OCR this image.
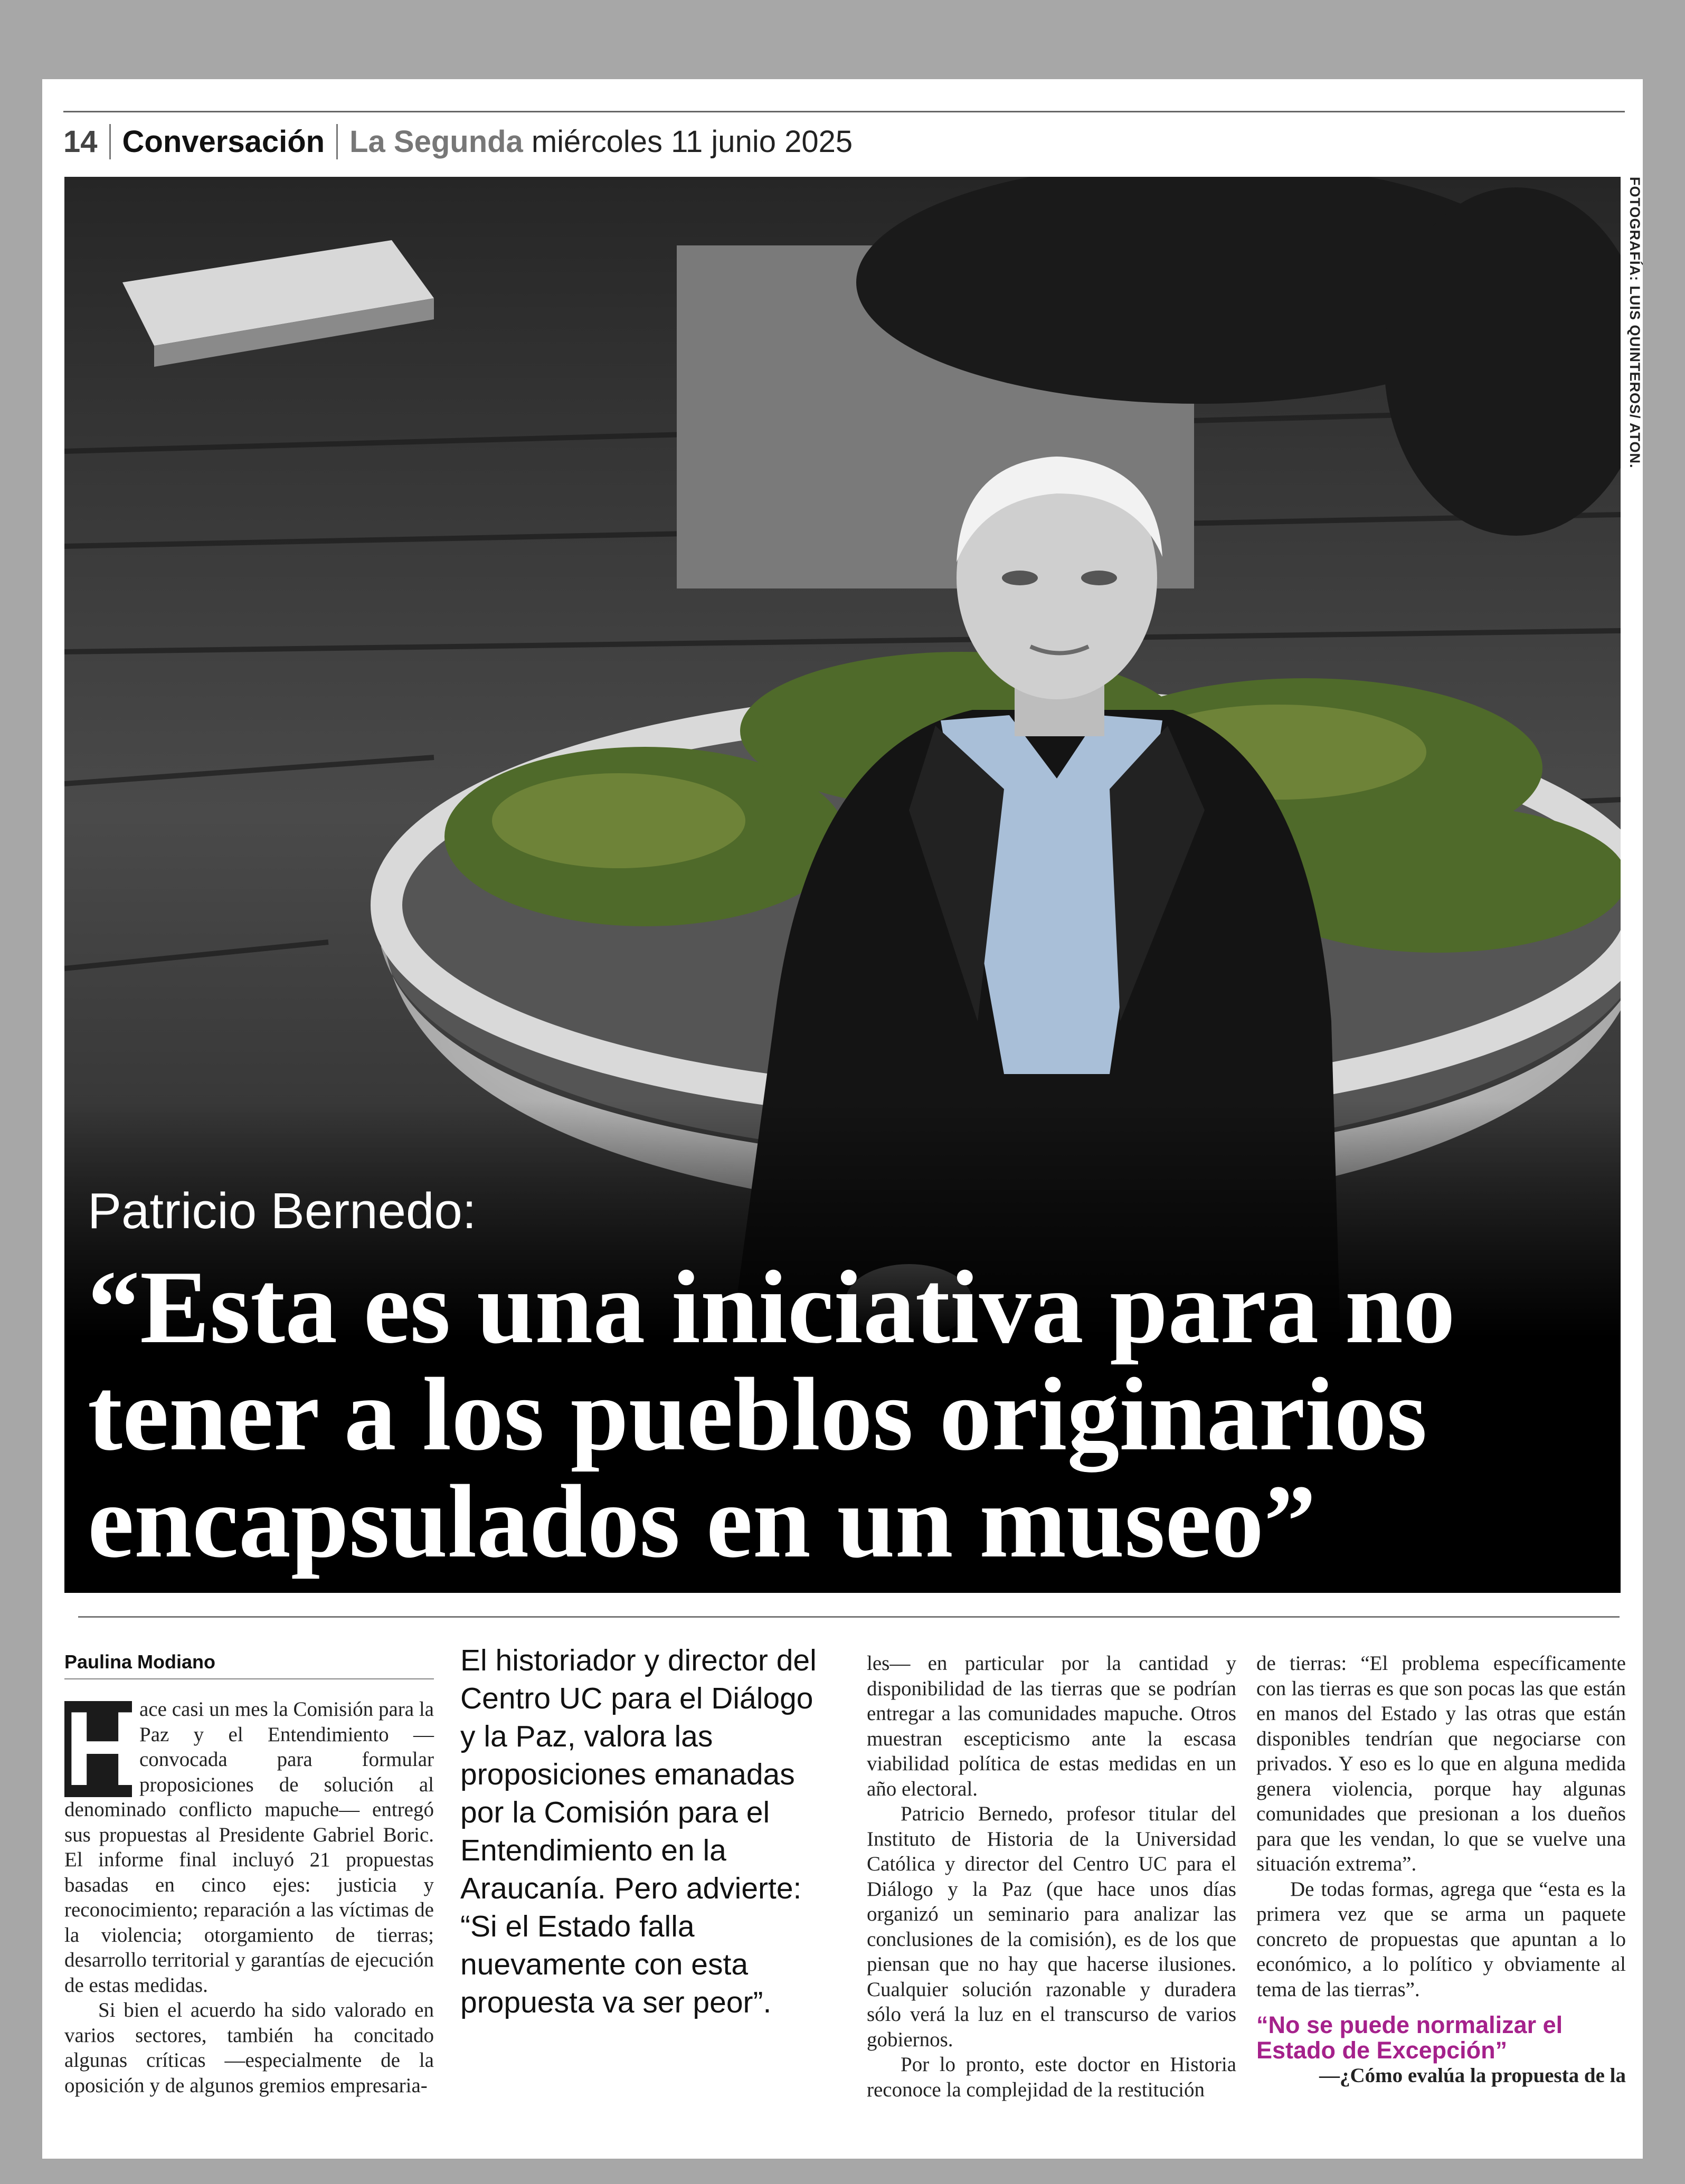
14 Conversación La Segunda miércoles 11 junio 2025
Patricio Bernedo:
“Esta es una iniciativa para no tener a los pueblos originarios encapsulados en un museo”
FOTOGRAFÍA: LUIS QUINTEROS/ ATON.
Paulina Modiano
H

ace casi un mes la Comisión para la Paz y el Entendimiento —convocada para formular proposiciones de solución al denominado conflicto mapuche— entregó sus propuestas al Presidente Gabriel Boric. El informe final incluyó 21 propuestas basadas en cinco ejes: justicia y reconocimiento; reparación a las víctimas de la violencia; otorgamiento de tierras; desarrollo territorial y garantías de ejecución de estas medidas.

Si bien el acuerdo ha sido valorado en varios sectores, también ha concitado algunas críticas —especialmente de la oposición y de algunos gremios empresaria-

El historiador y director del Centro UC para el Diálogo y la Paz, valora las proposiciones emanadas por la Comisión para el Entendimiento en la Araucanía. Pero advierte: “Si el Estado falla nuevamente con esta propuesta va ser peor”.

les— en particular por la cantidad y disponibilidad de las tierras que se podrían entregar a las comunidades mapuche. Otros muestran escepticismo ante la escasa viabilidad política de estas medidas en un año electoral.

Patricio Bernedo, profesor titular del Instituto de Historia de la Universidad Católica y director del Centro UC para el Diálogo y la Paz (que hace unos días organizó un seminario para analizar las conclusiones de la comisión), es de los que piensan que no hay que hacerse ilusiones. Cualquier solución razonable y duradera sólo verá la luz en el transcurso de varios gobiernos.

Por lo pronto, este doctor en Historia reconoce la complejidad de la restitución

de tierras: “El problema específicamente con las tierras es que son pocas las que están en manos del Estado y las otras que están disponibles tendrían que negociarse con privados. Y eso es lo que en alguna medida genera violencia, porque hay algunas comunidades que presionan a los dueños para que les vendan, lo que se vuelve una situación extrema”.

De todas formas, agrega que “esta es la primera vez que se arma un paquete concreto de propuestas que apuntan a lo económico, a lo político y obviamente al tema de las tierras”.

“No se puede normalizar el Estado de Excepción”

—¿Cómo evalúa la propuesta de la
